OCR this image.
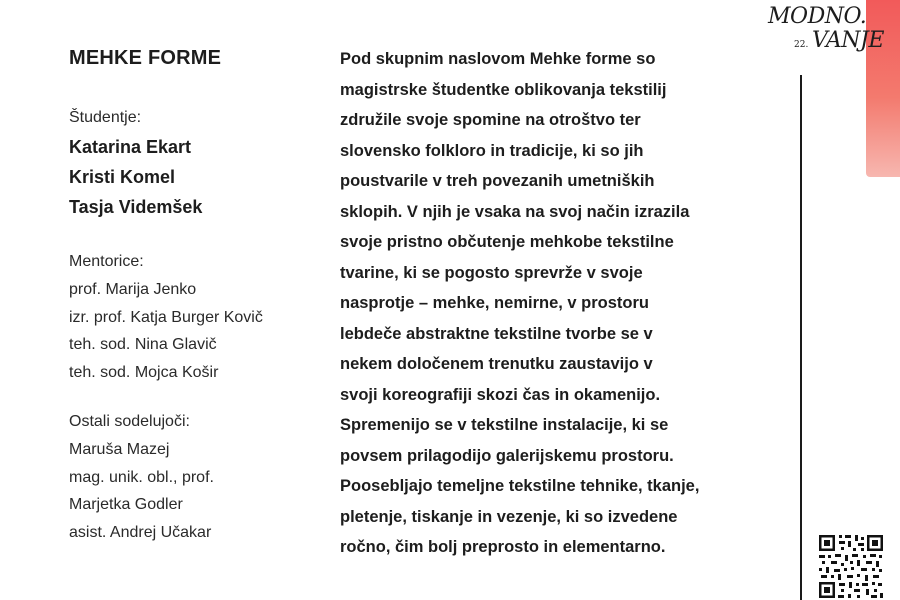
MEHKE FORME
Študentje:
Katarina Ekart
Kristi Komel
Tasja Videmšek
Mentorice:
prof. Marija Jenko
izr. prof. Katja Burger Kovič
teh. sod. Nina Glavič
teh. sod. Mojca Košir
Ostali sodelujoči:
Maruša Mazej
mag. unik. obl., prof.
Marjetka Godler
asist. Andrej Učakar
Pod skupnim naslovom Mehke forme so
magistrske študentke oblikovanja tekstilij
združile svoje spomine na otroštvo ter
slovensko folkloro in tradicije, ki so jih
poustvarile v treh povezanih umetniških
sklopih. V njih je vsaka na svoj način izrazila
svoje pristno občutenje mehkobe tekstilne
tvarine, ki se pogosto sprevrže v svoje
nasprotje – mehke, nemirne, v prostoru
lebdeče abstraktne tekstilne tvorbe se v
nekem določenem trenutku zaustavijo v
svoji koreografiji skozi čas in okamenijo.
Spremenijo se v tekstilne instalacije, ki se
povsem prilagodijo galerijskemu prostoru.
Poosebljajo temeljne tekstilne tehnike, tkanje,
pletenje, tiskanje in vezenje, ki so izvedene
ročno, čim bolj preprosto in elementarno.
MODNO.
22. VANJE
